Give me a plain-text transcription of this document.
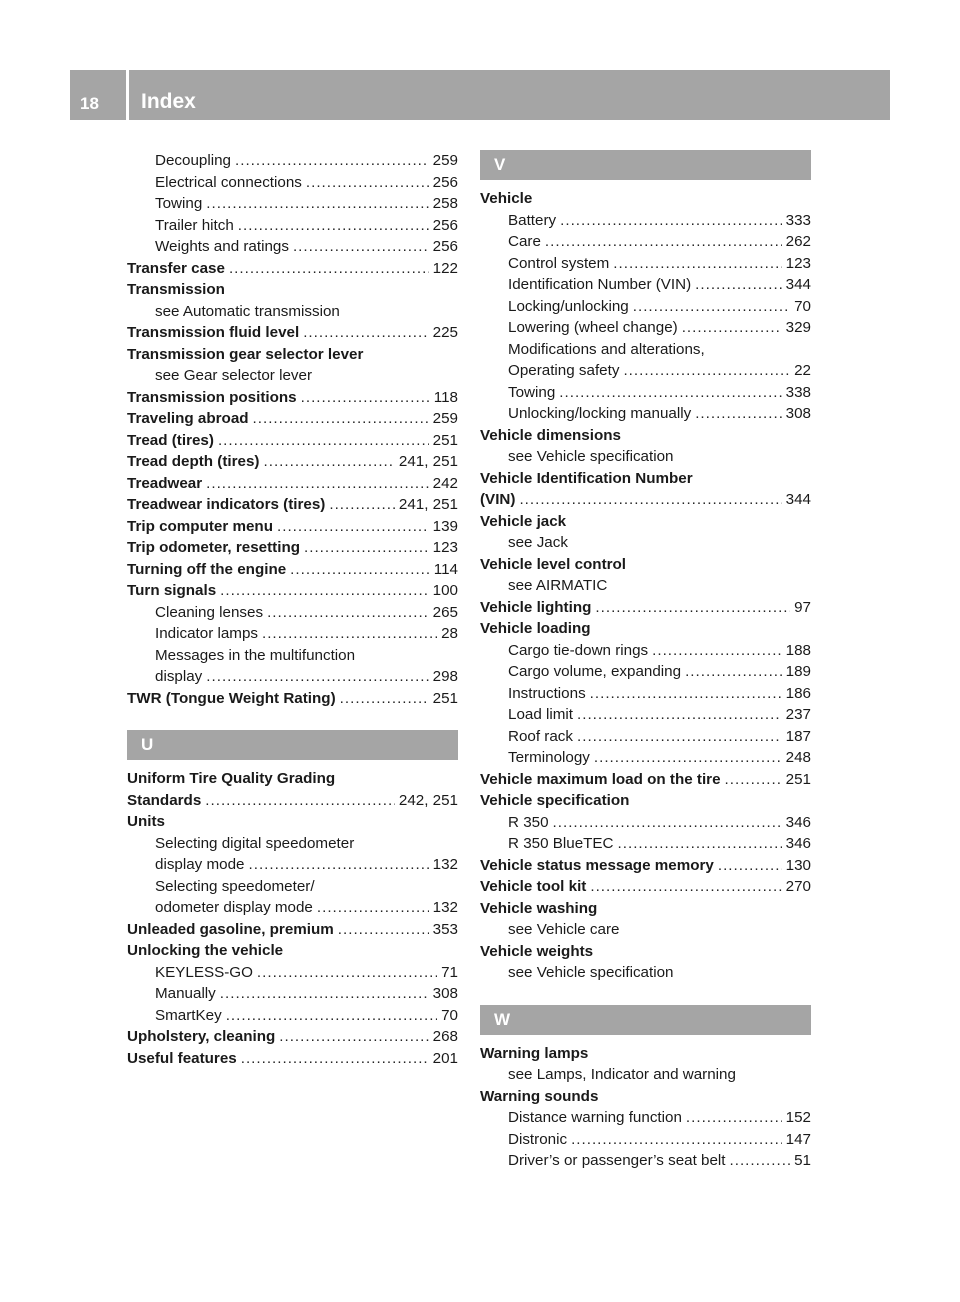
18 Index
Decoupling .....	259
Electrical connections .....	256
Towing .....	258
Trailer hitch .....	256
Weights and ratings .....	256
Transfer case .....	122
Transmission
see Automatic transmission
Transmission fluid level .....	225
Transmission gear selector lever
see Gear selector lever
Transmission positions .....	118
Traveling abroad .....	259
Tread (tires) .....	251
Tread depth (tires) .....	241, 251
Treadwear .....	242
Treadwear indicators (tires) .....	241, 251
Trip computer menu .....	139
Trip odometer, resetting .....	123
Turning off the engine .....	114
Turn signals .....	100
Cleaning lenses .....	265
Indicator lamps .....	28
Messages in the multifunction
display .....	298
TWR (Tongue Weight Rating) .....	251
U
Uniform Tire Quality Grading
Standards .....	242, 251
Units
Selecting digital speedometer
display mode .....	132
Selecting speedometer/
odometer display mode .....	132
Unleaded gasoline, premium .....	353
Unlocking the vehicle
KEYLESS-GO .....	71
Manually .....	308
SmartKey .....	70
Upholstery, cleaning .....	268
Useful features .....	201
V
Vehicle
Battery .....	333
Care .....	262
Control system .....	123
Identification Number (VIN) .....	344
Locking/unlocking .....	70
Lowering (wheel change) .....	329
Modifications and alterations,
Operating safety .....	22
Towing .....	338
Unlocking/locking manually .....	308
Vehicle dimensions
see Vehicle specification
Vehicle Identification Number
(VIN) .....	344
Vehicle jack
see Jack
Vehicle level control
see AIRMATIC
Vehicle lighting .....	97
Vehicle loading
Cargo tie-down rings .....	188
Cargo volume, expanding .....	189
Instructions .....	186
Load limit .....	237
Roof rack .....	187
Terminology .....	248
Vehicle maximum load on the tire .....	251
Vehicle specification
R 350 .....	346
R 350 BlueTEC .....	346
Vehicle status message memory .....	130
Vehicle tool kit .....	270
Vehicle washing
see Vehicle care
Vehicle weights
see Vehicle specification
W
Warning lamps
see Lamps, Indicator and warning
Warning sounds
Distance warning function .....	152
Distronic .....	147
Driver’s or passenger’s seat belt .....	51
